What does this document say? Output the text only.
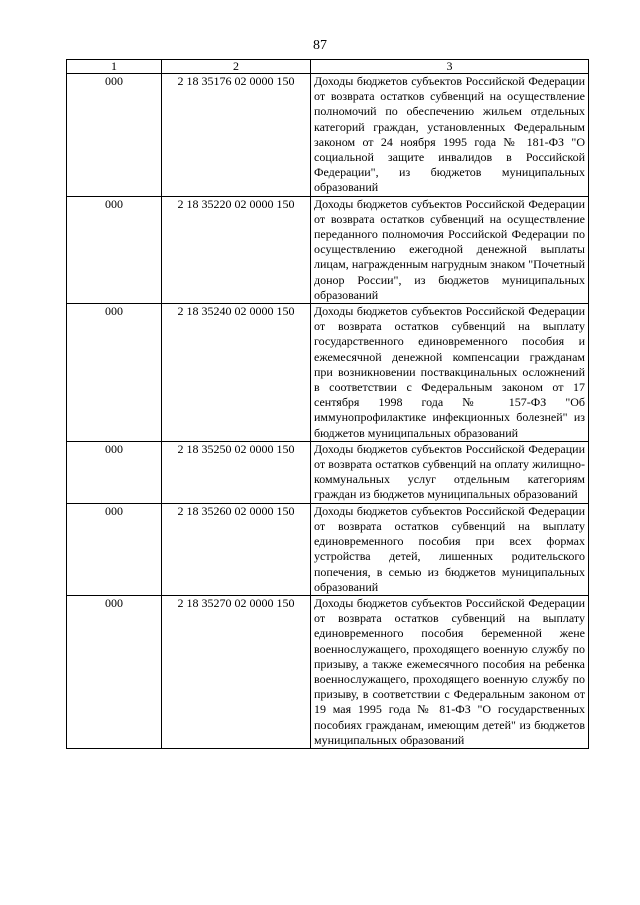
87
1	2	3
000	2 18 35176 02 0000 150	Доходы бюджетов субъектов Российской Федерации от возврата остатков субвенций на осуществление полномочий по обеспечению жильем отдельных категорий граждан, установленных Федеральным законом от 24 ноября 1995 года № 181-ФЗ "О социальной защите инвалидов в Российской Федерации", из бюджетов муниципальных образований
000	2 18 35220 02 0000 150	Доходы бюджетов субъектов Российской Федерации от возврата остатков субвенций на осуществление переданного полномочия Российской Федерации по осуществлению ежегодной денежной выплаты лицам, награжденным нагрудным знаком "Почетный донор России", из бюджетов муниципальных образований
000	2 18 35240 02 0000 150	Доходы бюджетов субъектов Российской Федерации от возврата остатков субвенций на выплату государственного единовременного пособия и ежемесячной денежной компенсации гражданам при возникновении поствакцинальных осложнений в соответствии с Федеральным законом от 17 сентября 1998 года № 157-ФЗ "Об иммунопрофилактике инфекционных болезней" из бюджетов муниципальных образований
000	2 18 35250 02 0000 150	Доходы бюджетов субъектов Российской Федерации от возврата остатков субвенций на оплату жилищно-коммунальных услуг отдельным категориям граждан из бюджетов муниципальных образований
000	2 18 35260 02 0000 150	Доходы бюджетов субъектов Российской Федерации от возврата остатков субвенций на выплату единовременного пособия при всех формах устройства детей, лишенных родительского попечения, в семью из бюджетов муниципальных образований
000	2 18 35270 02 0000 150	Доходы бюджетов субъектов Российской Федерации от возврата остатков субвенций на выплату единовременного пособия беременной жене военнослужащего, проходящего военную службу по призыву, а также ежемесячного пособия на ребенка военнослужащего, проходящего военную службу по призыву, в соответствии с Федеральным законом от 19 мая 1995 года № 81-ФЗ "О государственных пособиях гражданам, имеющим детей" из бюджетов муниципальных образований
